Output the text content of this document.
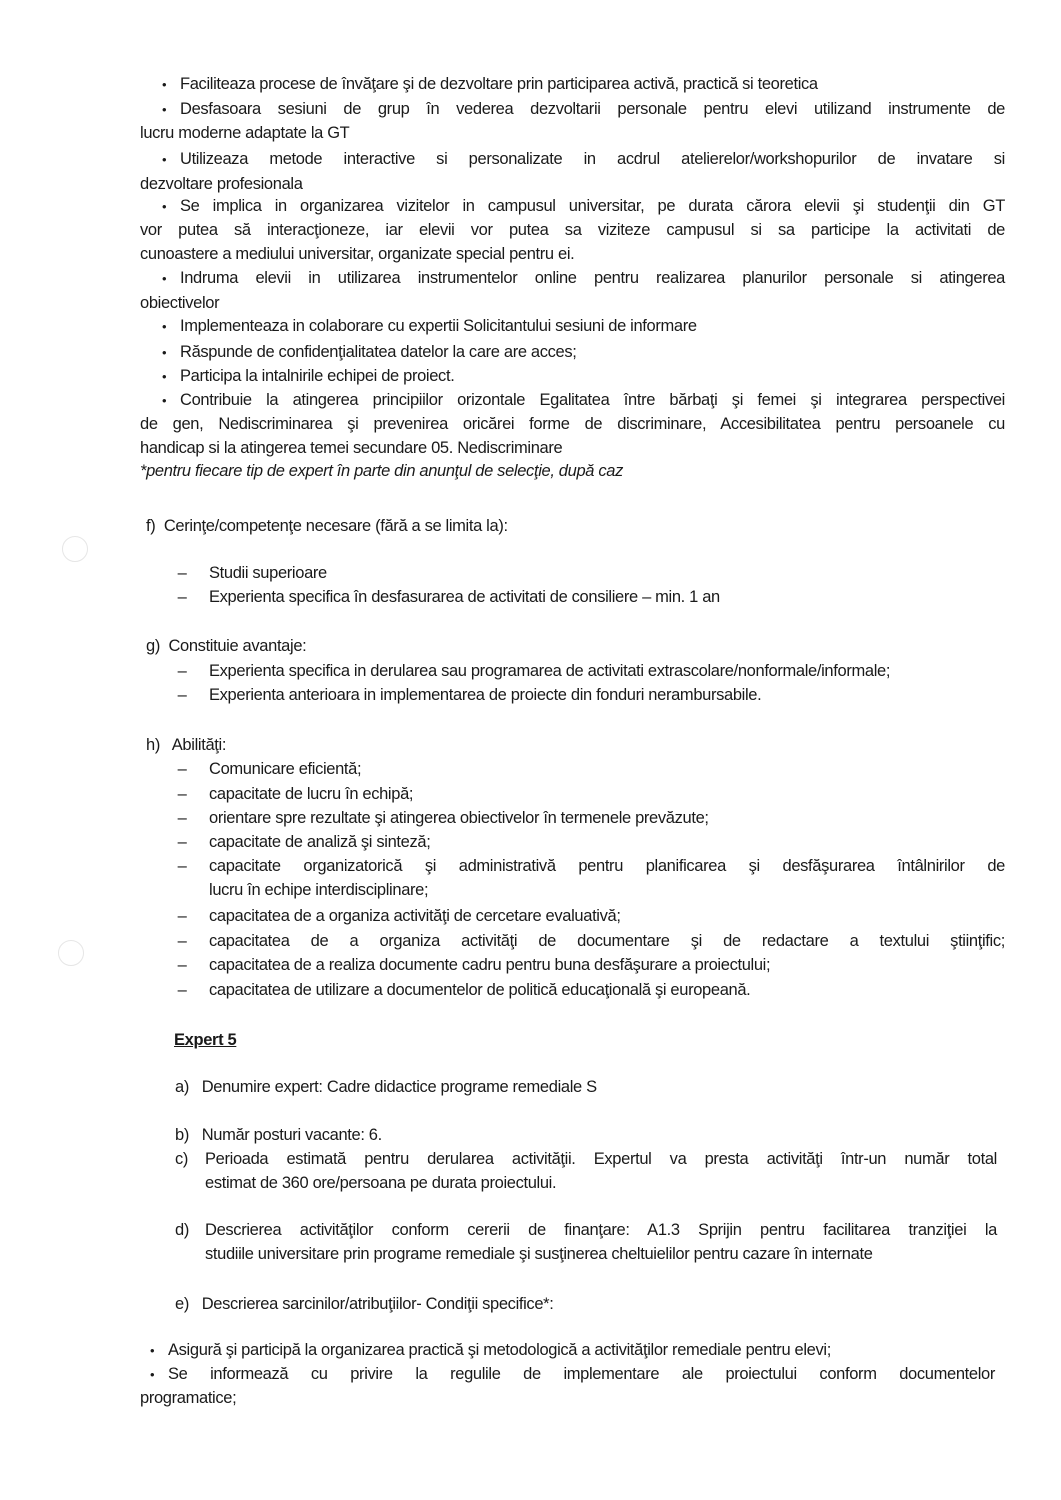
• Faciliteaza procese de învăţare şi de dezvoltare prin participarea activă, practică si teoretica
• Desfasoara sesiuni de grup în vederea dezvoltarii personale pentru elevi utilizand instrumente de
lucru moderne adaptate la GT
• Utilizeaza metode interactive si personalizate in acdrul atelierelor/workshopurilor de invatare si
dezvoltare profesionala
• Se implica in organizarea vizitelor in campusul universitar, pe durata cărora elevii şi studenţii din GT
vor putea să interacţioneze, iar elevii vor putea sa viziteze campusul si sa participe la activitati de
cunoastere a mediului universitar, organizate special pentru ei.
• Indruma elevii in utilizarea instrumentelor online pentru realizarea planurilor personale si atingerea
obiectivelor
• Implementeaza in colaborare cu expertii Solicitantului sesiuni de informare
• Răspunde de confidenţialitatea datelor la care are acces;
• Participa la intalnirile echipei de proiect.
• Contribuie la atingerea principiilor orizontale Egalitatea între bărbaţi şi femei şi integrarea perspectivei
de gen, Nediscriminarea şi prevenirea oricărei forme de discriminare, Accesibilitatea pentru persoanele cu
handicap si la atingerea temei secundare 05. Nediscriminare
*pentru fiecare tip de expert în parte din anunţul de selecţie, după caz
f) Cerinţe/competenţe necesare (fără a se limita la):
– Studii superioare
– Experienta specifica în desfasurarea de activitati de consiliere – min. 1 an
g) Constituie avantaje:
– Experienta specifica in derularea sau programarea de activitati extrascolare/nonformale/informale;
– Experienta anterioara in implementarea de proiecte din fonduri nerambursabile.
h) Abilităţi:
– Comunicare eficientă;
– capacitate de lucru în echipă;
– orientare spre rezultate şi atingerea obiectivelor în termenele prevăzute;
– capacitate de analiză şi sinteză;
– capacitate organizatorică şi administrativă pentru planificarea şi desfăşurarea întâlnirilor de
lucru în echipe interdisciplinare;
– capacitatea de a organiza activităţi de cercetare evaluativă;
– capacitatea de a organiza activităţi de documentare şi de redactare a textului ştiinţific;
– capacitatea de a realiza documente cadru pentru buna desfăşurare a proiectului;
– capacitatea de utilizare a documentelor de politică educaţională şi europeană.
Expert 5
a) Denumire expert: Cadre didactice programe remediale S
b) Număr posturi vacante: 6.
c) Perioada estimată pentru derularea activităţii. Expertul va presta activităţi într-un număr total
estimat de 360 ore/persoana pe durata proiectului.
d) Descrierea activităţilor conform cererii de finanţare: A1.3 Sprijin pentru facilitarea tranziţiei la
studiile universitare prin programe remediale şi susţinerea cheltuielilor pentru cazare în internate
e) Descrierea sarcinilor/atribuţiilor- Condiţii specifice*:
• Asigură şi participă la organizarea practică şi metodologică a activităţilor remediale pentru elevi;
• Se informează cu privire la regulile de implementare ale proiectului conform documentelor
programatice;
